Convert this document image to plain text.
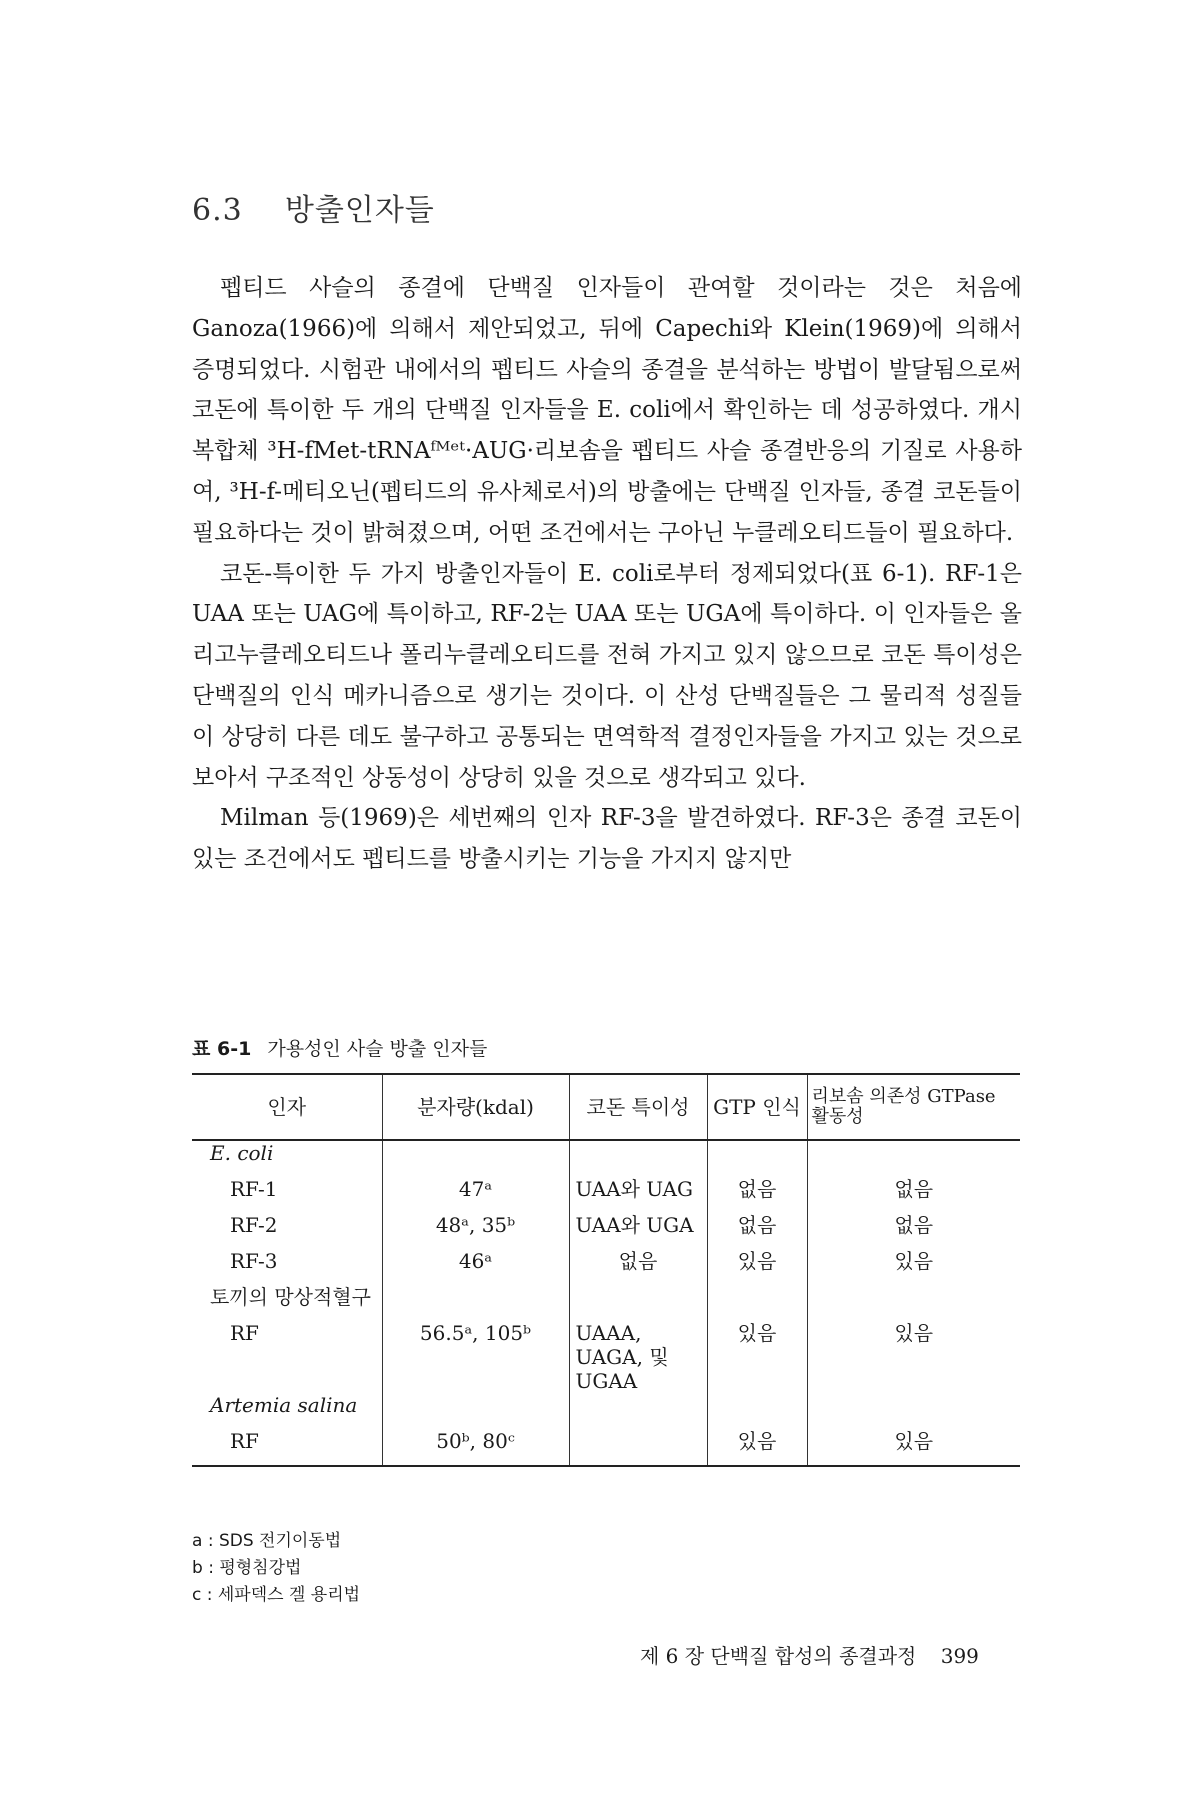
6.3 방출인자들

펩티드 사슬의 종결에 단백질 인자들이 관여할 것이라는 것은 처음에 Ganoza(1966)에 의해서 제안되었고, 뒤에 Capechi와 Klein(1969)에 의해서 증명되었다. 시험관 내에서의 펩티드 사슬의 종결을 분석하는 방법이 발달됨으로써 코돈에 특이한 두 개의 단백질 인자들을 E. coli에서 확인하는 데 성공하였다. 개시복합체 ³H-fMet-tRNAᶠᴹᵉᵗ·AUG·리보솜을 펩티드 사슬 종결반응의 기질로 사용하여, ³H-f-메티오닌(펩티드의 유사체로서)의 방출에는 단백질 인자들, 종결 코돈들이 필요하다는 것이 밝혀졌으며, 어떤 조건에서는 구아닌 누클레오티드들이 필요하다.

코돈-특이한 두 가지 방출인자들이 E. coli로부터 정제되었다(표 6-1). RF-1은 UAA 또는 UAG에 특이하고, RF-2는 UAA 또는 UGA에 특이하다. 이 인자들은 올리고누클레오티드나 폴리누클레오티드를 전혀 가지고 있지 않으므로 코돈 특이성은 단백질의 인식 메카니즘으로 생기는 것이다. 이 산성 단백질들은 그 물리적 성질들이 상당히 다른 데도 불구하고 공통되는 면역학적 결정인자들을 가지고 있는 것으로 보아서 구조적인 상동성이 상당히 있을 것으로 생각되고 있다.

Milman 등(1969)은 세번째의 인자 RF-3을 발견하였다. RF-3은 종결 코돈이 있는 조건에서도 펩티드를 방출시키는 기능을 가지지 않지만

표 6-1 가용성인 사슬 방출 인자들
인자	분자량(kdal)	코돈 특이성	GTP 인식	리보솜 의존성 GTPase 활동성
E. coli				
RF-1	47ᵃ	UAA와 UAG	없음	없음
RF-2	48ᵃ, 35ᵇ	UAA와 UGA	없음	없음
RF-3	46ᵃ	없음	있음	있음
토끼의 망상적혈구				
RF	56.5ᵃ, 105ᵇ	UAAA, UAGA, 및 UGAA	있음	있음
Artemia salina				
RF	50ᵇ, 80ᶜ		있음	있음
a : SDS 전기이동법
b : 평형침강법
c : 세파덱스 겔 용리법
제 6 장 단백질 합성의 종결과정 399
